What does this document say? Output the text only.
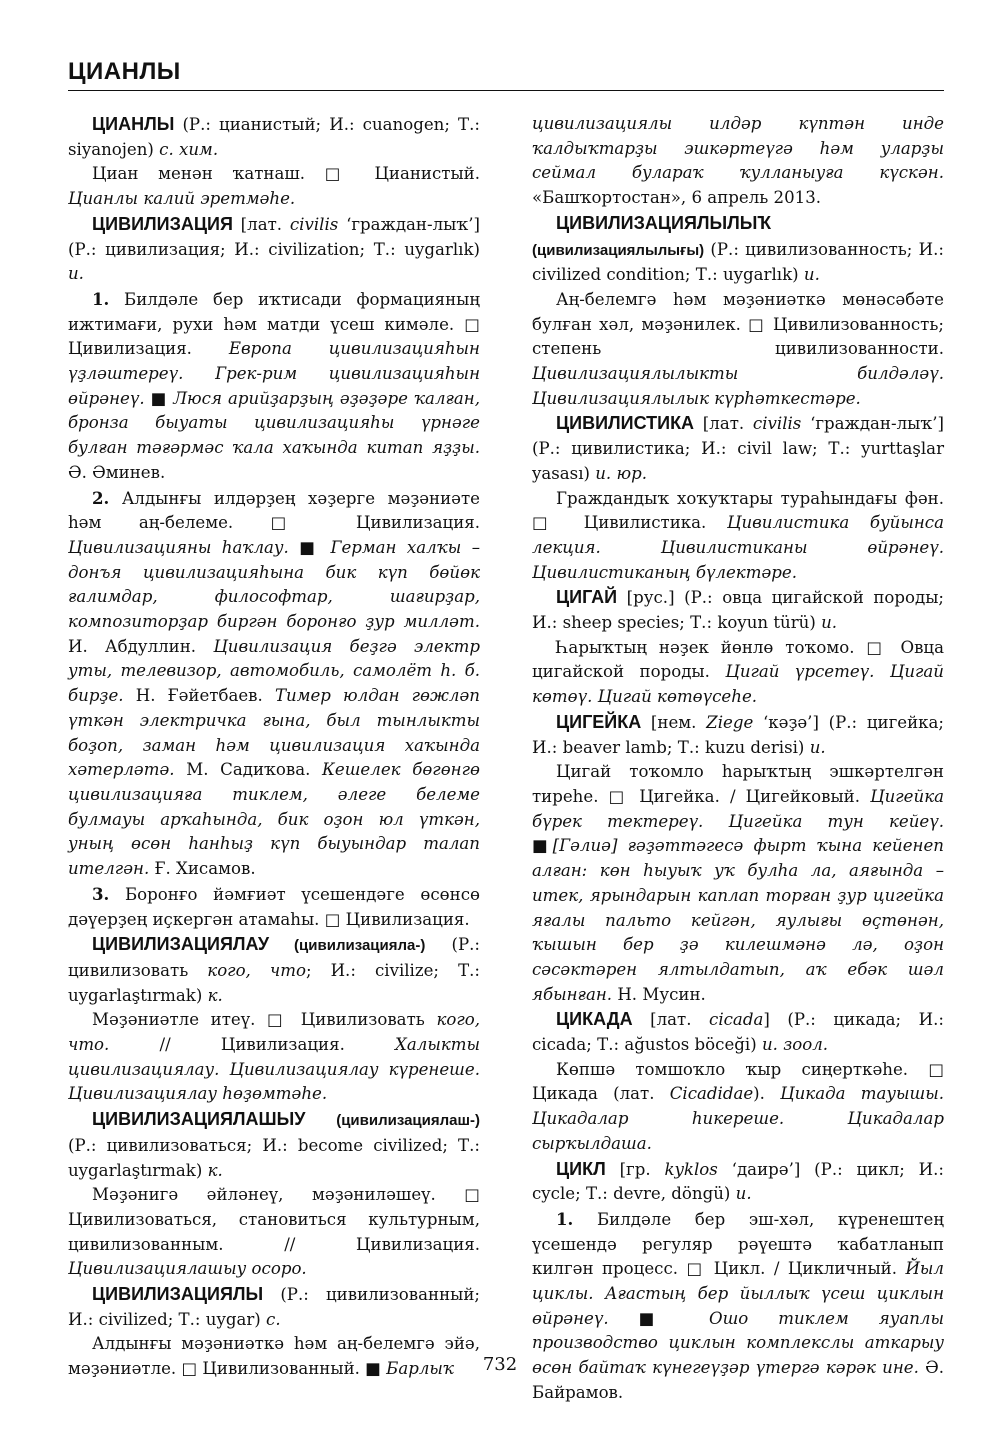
ЦИАНЛЫ

ЦИАНЛЫ (Р.: цианистый; И.: cuanogen; Т.: siyanojen) с. хим.

Циан менән ҡатнаш. □ Цианистый. Цианлы калий эретмәһе.

ЦИВИЛИЗАЦИЯ [лат. civilis ‘граждан-лыҡ’] (Р.: цивилизация; И.: civilization; Т.: uygarlık) и.

1. Билдәле бер иҡтисади формацияның ижтимағи, рухи һәм матди үсеш кимәле. □ Цивилизация. Европа цивилизацияһын үҙләштереү. Грек-рим цивилизацияһын өйрәнеү. ■ Люся арийҙарҙың әҙәҙәре ҡалған, бронза быуаты цивилизацияһы үрнәге булған тәғәрмәс ҡала хаҡында китап яҙҙы. Ә. Әминев.

2. Алдынғы илдәрҙең хәҙерге мәҙәниәте һәм аң-белеме. □ Цивилизация. Цивилизацияны һаҡлау. ■ Герман халҡы – донъя цивилизацияһына бик күп бөйөк ғалимдар, философтар, шағирҙар, композиторҙар биргән боронғо ҙур милләт. И. Абдуллин. Цивилизация беҙгә электр уты, телевизор, автомобиль, самолёт һ. б. бирҙе. Н. Ғәйетбаев. Тимер юлдан гөжләп үткән электричка ғына, был тынлыкты боҙоп, заман һәм цивилизация хаҡында хәтерләтә. М. Садиҡова. Кешелек бөгөнгө цивилизацияға тиклем, әлеге белеме булмауы арҡаһында, бик оҙон юл үткән, уның өсөн һанһыҙ күп быуындар талап ителгән. Ғ. Хисамов.

3. Боронғо йәмғиәт үсешендәге өсөнсө дәүерҙең иҫкергән атамаһы. □ Цивилизация.

ЦИВИЛИЗАЦИЯЛАУ (цивилизацияла-) (Р.: цивилизовать кого, что; И.: civilize; Т.: uygarlaştırmak) к.

Мәҙәниәтле итеү. □ Цивилизовать кого, что. // Цивилизация. Халыкты цивилизациялау. Цивилизациялау күренеше. Цивилизациялау һөҙөмтәһе.

ЦИВИЛИЗАЦИЯЛАШЫУ (цивилизациялаш-) (Р.: цивилизоваться; И.: become civilized; Т.: uygarlaştırmak) к.

Мәҙәнигә әйләнеү, мәҙәниләшеү. □ Цивилизоваться, становиться культурным, цивилизованным. // Цивилизация. Цивилизациялашыу осоро.

ЦИВИЛИЗАЦИЯЛЫ (Р.: цивилизованный; И.: civilized; Т.: uygar) с.

Алдынғы мәҙәниәткә һәм аң-белемгә эйә, мәҙәниәтле. □ Цивилизованный. ■ Барлыҡ

цивилизациялы илдәр күптән инде ҡалдыҡтарҙы эшкәртеүгә һәм уларҙы сеймал булараҡ ҡулланыуға күскән. «Башҡортостан», 6 апрель 2013.

ЦИВИЛИЗАЦИЯЛЫЛЫҠ (цивилизациялылығы) (Р.: цивилизованность; И.: civilized condition; Т.: uygarlık) и.

Аң-белемгә һәм мәҙәниәткә мөнәсәбәте булған хәл, мәҙәнилек. □ Цивилизованность; степень цивилизованности. Цивилизациялылыкты билдәләү. Цивилизациялылык күрһәткестәре.

ЦИВИЛИСТИКА [лат. civilis ‘граждан-лыҡ’] (Р.: цивилистика; И.: civil law; Т.: yurttaşlar yasası) и. юр.

Граждандыҡ хоҡуҡтары тураһындағы фән. □ Цивилистика. Цивилистика буйынса лекция. Цивилистиканы өйрәнеү. Цивилистиканың бүлектәре.

ЦИГАЙ [рус.] (Р.: овца цигайской породы; И.: sheep species; Т.: koyun türü) и.

Һарыҡтың нәҙек йөнлө тоҡомо. □ Овца цигайской породы. Цигай үрсетеү. Цигай көтөү. Цигай көтөүсеһе.

ЦИГЕЙКА [нем. Ziege ‘кәҙә’] (Р.: цигейка; И.: beaver lamb; Т.: kuzu derisi) и.

Цигай тоҡомло һарыҡтың эшкәртелгән тиреһе. □ Цигейка. / Цигейковый. Цигейка бүрек тектереү. Цигейка тун кейеү. ■[Гәлиә] ғәҙәттәгесә фырт ҡына кейенеп алған: көн һыуыҡ уҡ булһа ла, аяғында – итек, ярындарын каплап торған ҙур цигейка яғалы пальто кейгән, яулығы өҫтөнән, ҡышын бер ҙә килешмәнә лә, оҙон сәсәктәрен ялтылдатып, аҡ ебәк шәл ябынған. Н. Мусин.

ЦИКАДА [лат. cicada] (Р.: цикада; И.: cicada; Т.: ağustos böceği) и. зоол.

Көпшә томшоҡло ҡыр сиңерткәһе. □ Цикада (лат. Cicadidae). Цикада тауышы. Цикадалар һикереше. Цикадалар сырҡылдаша.

ЦИКЛ [гр. kyklos ‘даирә’] (Р.: цикл; И.: cycle; Т.: devre, döngü) и.

1. Билдәле бер эш-хәл, күренештең үсешендә регуляр рәүештә ҡабатланып килгән процесс. □ Цикл. / Цикличный. Йыл циклы. Ағастың бер йыллыҡ үсеш циклын өйрәнеү. ■ Ошо тиклем яуаплы производство циклын комплекслы аткарыу өсөн байтаҡ күнегеүҙәр үтергә кәрәк ине. Ә. Байрамов.

732
